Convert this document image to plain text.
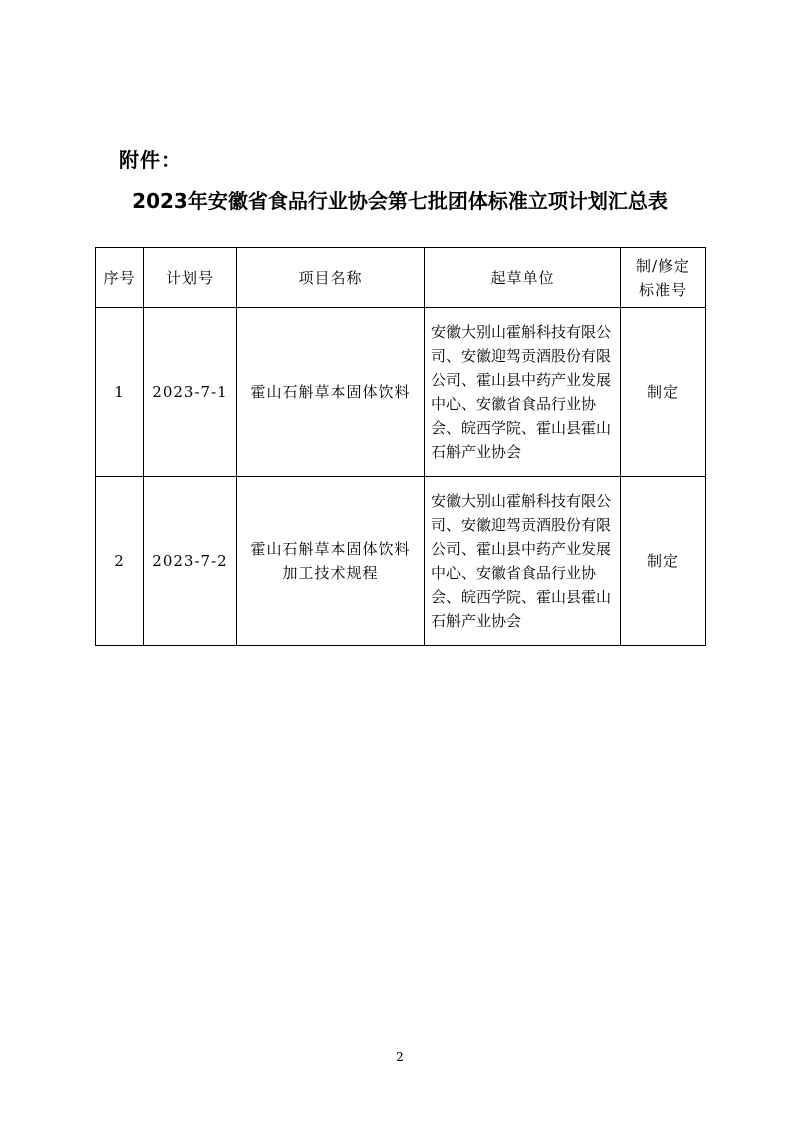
附件：
2023年安徽省食品行业协会第七批团体标准立项计划汇总表
序号	计划号	项目名称	起草单位	制/修定标准号
1	2023-7-1	霍山石斛草本固体饮料	安徽大别山霍斛科技有限公司、安徽迎驾贡酒股份有限公司、霍山县中药产业发展中心、安徽省食品行业协会、皖西学院、霍山县霍山石斛产业协会	制定
2	2023-7-2	霍山石斛草本固体饮料加工技术规程	安徽大别山霍斛科技有限公司、安徽迎驾贡酒股份有限公司、霍山县中药产业发展中心、安徽省食品行业协会、皖西学院、霍山县霍山石斛产业协会	制定
2
